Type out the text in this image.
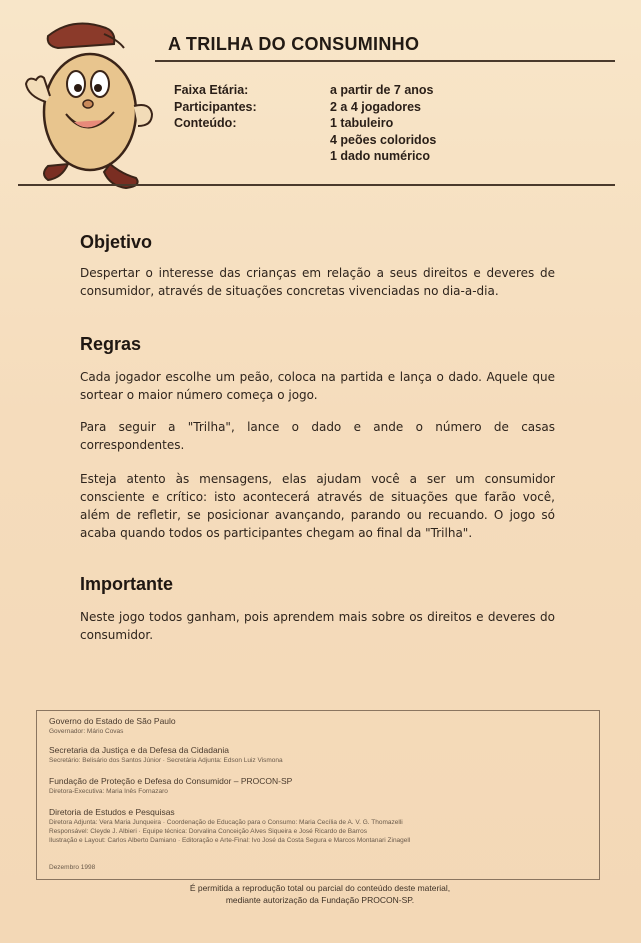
A TRILHA DO CONSUMINHO
Faixa Etária:	a partir de 7 anos
Participantes:	2 a 4 jogadores
Conteúdo:	1 tabuleiro
4 peões coloridos
1 dado numérico
Objetivo

Despertar o interesse das crianças em relação a seus direitos e deveres de consumidor, através de situações concretas vivenciadas no dia-a-dia.

Regras

Cada jogador escolhe um peão, coloca na partida e lança o dado. Aquele que sortear o maior número começa o jogo.

Para seguir a "Trilha", lance o dado e ande o número de casas correspondentes.

Esteja atento às mensagens, elas ajudam você a ser um consumidor consciente e crítico: isto acontecerá através de situações que farão você, além de refletir, se posicionar avançando, parando ou recuando. O jogo só acaba quando todos os participantes chegam ao final da "Trilha".

Importante

Neste jogo todos ganham, pois aprendem mais sobre os direitos e deveres do consumidor.

Governo do Estado de São Paulo
Governador: Mário Covas
Secretaria da Justiça e da Defesa da Cidadania
Secretário: Belisário dos Santos Júnior · Secretária Adjunta: Edson Luiz Vismona
Fundação de Proteção e Defesa do Consumidor – PROCON-SP
Diretora-Executiva: Maria Inês Fornazaro
Diretoria de Estudos e Pesquisas
Diretora Adjunta: Vera Maria Junqueira · Coordenação de Educação para o Consumo: Maria Cecília de A. V. G. Thomazelli
Responsável: Cleyde J. Albieri · Equipe técnica: Dorvalina Conceição Alves Siqueira e José Ricardo de Barros
Ilustração e Layout: Carlos Alberto Damiano · Editoração e Arte-Final: Ivo José da Costa Segura e Marcos Montanari Zinagell
Dezembro 1998
É permitida a reprodução total ou parcial do conteúdo deste material,
mediante autorização da Fundação PROCON-SP.
